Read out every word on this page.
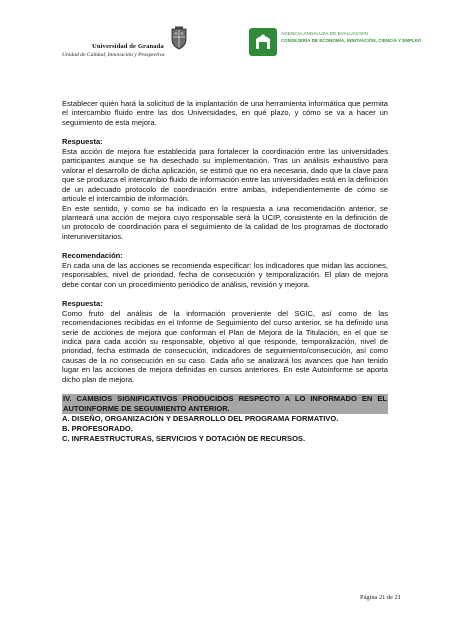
Universidad de Granada
Unidad de Calidad, Innovación y Prospectiva
AGENCIA ANDALUZA DE EVALUACIÓN
CONSEJERÍA DE ECONOMÍA, INNOVACIÓN, CIENCIA Y EMPLEO

Establecer quién hará la solicitud de la implantación de una herramienta informática que permita el intercambio fluido entre las dos Universidades, en qué plazo, y cómo se va a hacer un seguimiento de esta mejora.

Respuesta:

Esta acción de mejora fue establecida para fortalecer la coordinación entre las universidades participantes aunque se ha desechado su implementación. Tras un análisis exhaustivo para valorar el desarrollo de dicha aplicación, se estimó que no era necesaria, dado que la clave para que se produzca el intercambio fluido de información entre las universidades está en la definición de un adecuado protocolo de coordinación entre ambas, independientemente de cómo se articule el intercambio de información.

En este sentido, y como se ha indicado en la respuesta a una recomendación anterior, se planteará una acción de mejora cuyo responsable será la UCIP, consistente en la definición de un protocolo de coordinación para el seguimiento de la calidad de los programas de doctorado interuniversitarios.

Recomendación:

En cada una de las acciones se recomienda especificar: los indicadores que midan las acciones, responsables, nivel de prioridad, fecha de consecución y temporalización. El plan de mejora debe contar con un procedimiento periódico de análisis, revisión y mejora.

Respuesta:

Como fruto del análisis de la información proveniente del SGIC, así como de las recomendaciones recibidas en el Informe de Seguimiento del curso anterior, se ha definido una serie de acciones de mejora que conforman el Plan de Mejora de la Titulación, en el que se indica para cada acción su responsable, objetivo al que responde, temporalización, nivel de prioridad, fecha estimada de consecución, indicadores de seguimiento/consecución, así como causas de la no consecución en su caso. Cada año se analizará los avances que han tenido lugar en las acciones de mejora definidas en cursos anteriores. En este Autoinforme se aporta dicho plan de mejora.

IV. CAMBIOS SIGNIFICATIVOS PRODUCIDOS RESPECTO A LO INFORMADO EN EL AUTOINFORME DE SEGUIMIENTO ANTERIOR.

A. DISEÑO, ORGANIZACIÓN Y DESARROLLO DEL PROGRAMA FORMATIVO.

B. PROFESORADO.

C. INFRAESTRUCTURAS, SERVICIOS Y DOTACIÓN DE RECURSOS.

Página 21 de 21
